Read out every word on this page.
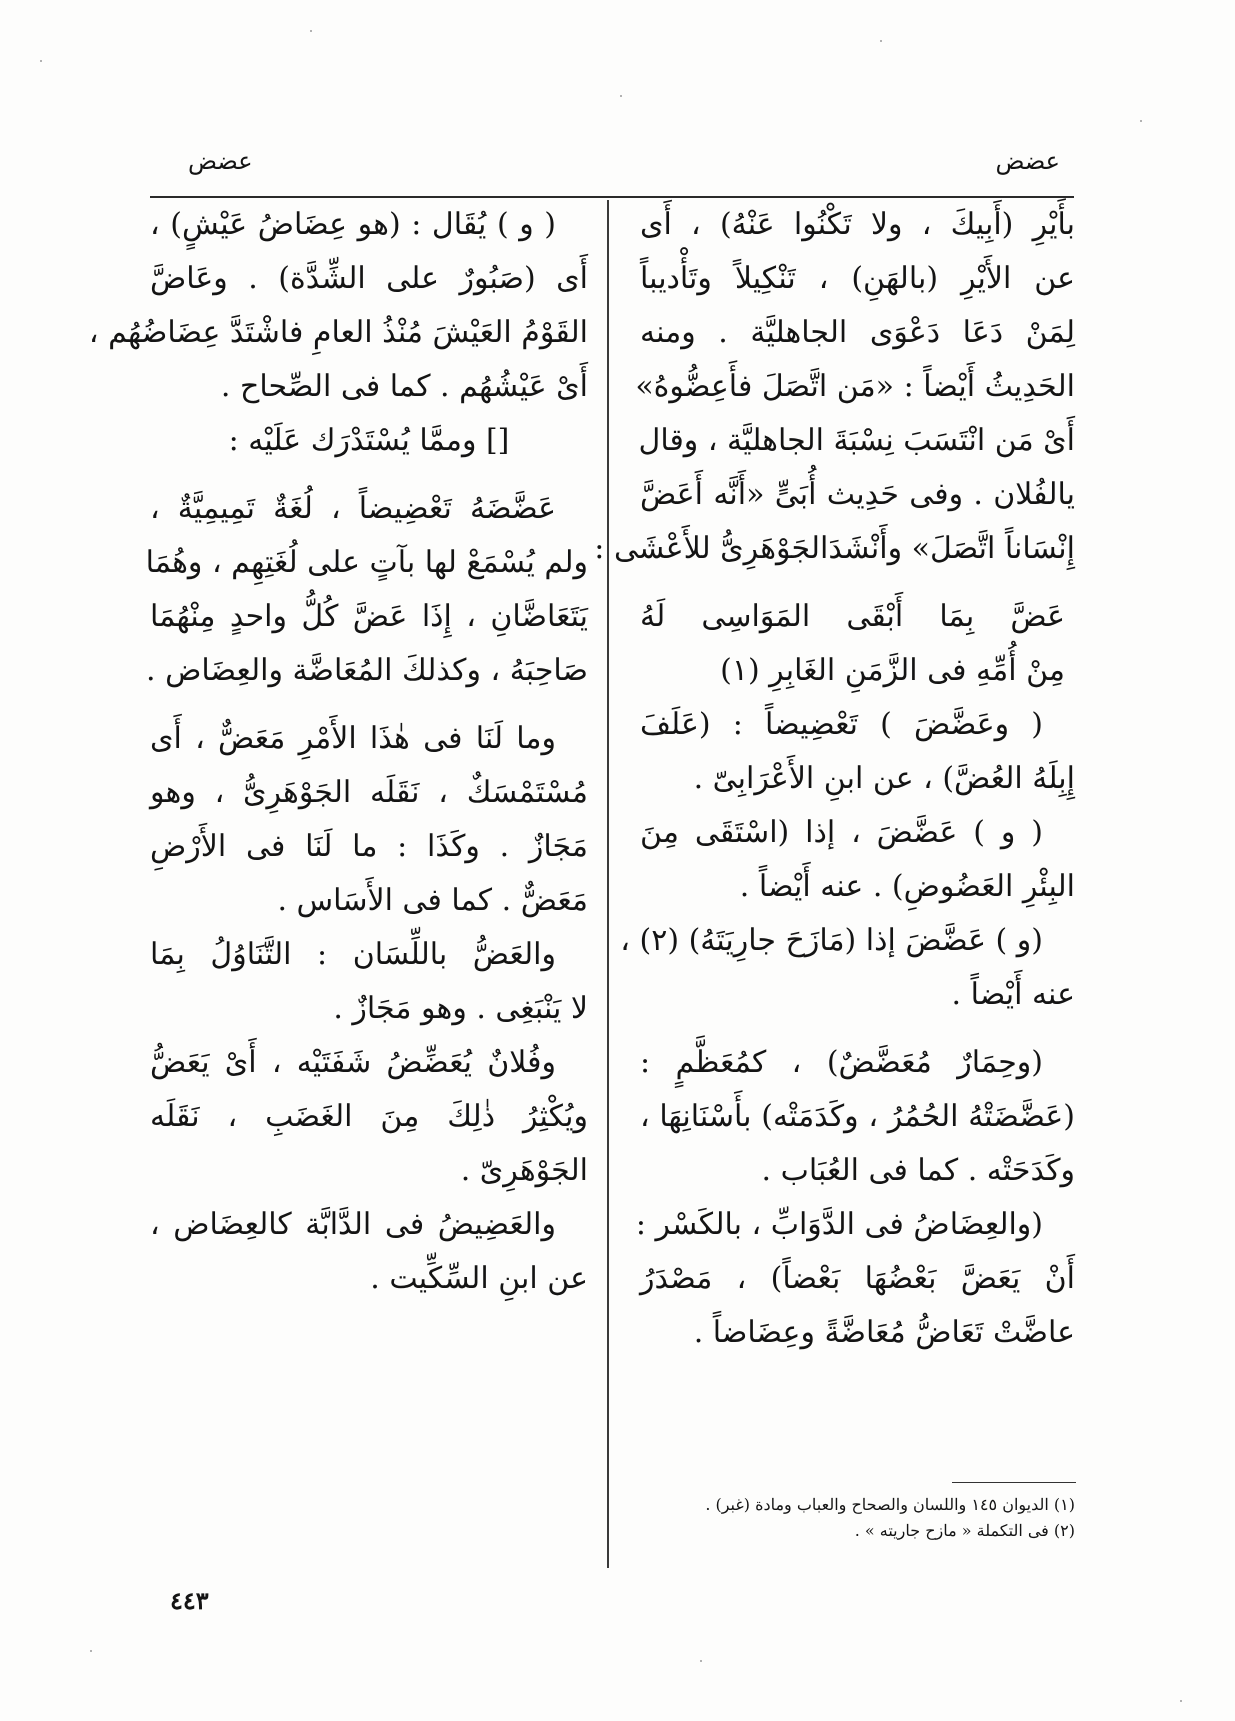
عضض	عضض
بأَيْرِ (أَبِيكَ ، ولا تَكْنُوا عَنْهُ) ، أَى
عن الأَيْرِ (بالهَنِ) ، تَنْكِيلاً وتَأْديباً
لِمَنْ دَعَا دَعْوَى الجاهليَّة . ومنه
الحَدِيثُ أَيْضاً : «مَن اتَّصَلَ فأَعِضُّوهُ»
أَىْ مَن انْتَسَبَ نِسْبَةَ الجاهليَّة ، وقال
يالفُلان . وفى حَدِيث أُبَىٍّ «أَنَّه أَعَضَّ
إِنْسَاناً اتَّصَلَ» وأَنْشَدَالجَوْهَرِىُّ للأَعْشَى :
عَضَّ بِمَا أَبْقَى المَوَاسِى لَهُ
مِنْ أُمِّهِ فى الزَّمَنِ الغَابِرِ (١)
( وعَضَّضَ ) تَعْضِيضاً : (عَلَفَ
إِبِلَهُ العُضَّ) ، عن ابنِ الأَعْرَابِىّ .
( و ) عَضَّضَ ، إذا (اسْتَقَى مِنَ
البِئْرِ العَضُوضِ) . عنه أَيْضاً .
(و ) عَضَّضَ إذا (مَازَحَ جارِيَتَهُ) (٢) ،
عنه أَيْضاً .
(وحِمَارٌ مُعَضَّضٌ) ، كمُعَظَّمٍ :
(عَضَّضَتْهُ الحُمُرُ ، وكَدَمَتْه) بأَسْنَانِهَا ،
وكَدَحَتْه . كما فى العُبَاب .
(والعِضَاضُ فى الدَّوَابِّ ، بالكَسْر :
أَنْ يَعَضَّ بَعْضُهَا بَعْضاً) ، مَصْدَرُ
عاضَّتْ تَعَاضُّ مُعَاضَّةً وعِضَاضاً .
(١) الديوان ١٤٥ واللسان والصحاح والعباب ومادة (غبر) .
(٢) فى التكملة « مازح جاريته » .
( و ) يُقَال : (هو عِضَاضُ عَيْشٍ) ،
أَى (صَبُورٌ على الشِّدَّة) . وعَاضَّ
القَوْمُ العَيْشَ مُنْذُ العامِ فاشْتَدَّ عِضَاضُهُم ،
أَىْ عَيْشُهُم . كما فى الصِّحاح .
[] وممَّا يُسْتَدْرَك عَلَيْه :
عَضَّضَهُ تَعْضِيضاً ، لُغَةٌ تَمِيمِيَّةٌ ،
ولم يُسْمَعْ لها بآتٍ على لُغَتِهِم ، وهُمَا
يَتَعَاضَّانِ ، إِذَا عَضَّ كُلُّ واحدٍ مِنْهُمَا
صَاحِبَهُ ، وكذلكَ المُعَاضَّة والعِضَاض .
وما لَنَا فى هٰذَا الأَمْرِ مَعَضٌّ ، أَى
مُسْتَمْسَكٌ ، نَقَلَه الجَوْهَرِىُّ ، وهو
مَجَازٌ . وكَذَا : ما لَنَا فى الأَرْضِ
مَعَضٌّ . كما فى الأَسَاس .
والعَضُّ باللِّسَان : التَّنَاوُلُ بِمَا
لا يَنْبَغِى . وهو مَجَازٌ .
وفُلانٌ يُعَضِّضُ شَفَتَيْه ، أَىْ يَعَضُّ
ويُكْثِرُ ذٰلِكَ مِنَ الغَضَبِ ، نَقَلَه
الجَوْهَرِىّ .
والعَضِيضُ فى الدَّابَّة كالعِضَاض ،
عن ابنِ السِّكِّيت .
٤٤٣
